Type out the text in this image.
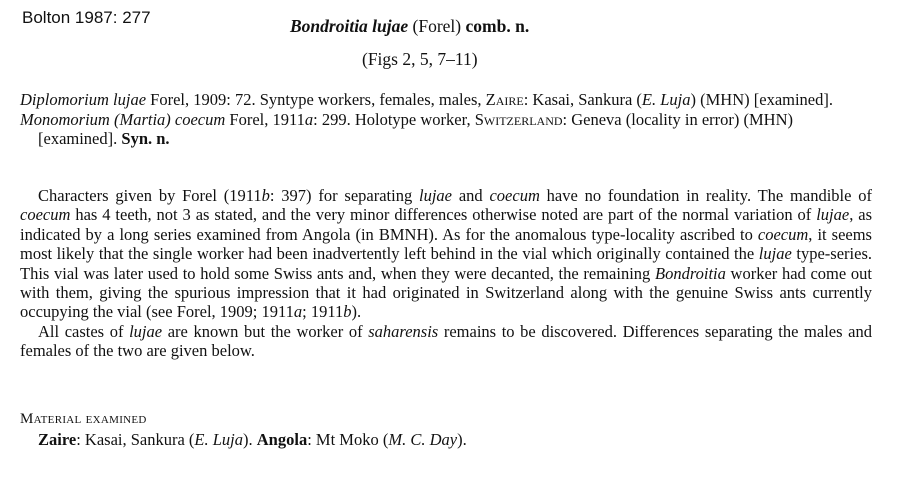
Bolton 1987: 277	Bondroitia lujae (Forel) comb. n.
(Figs 2, 5, 7–11)

Diplomorium lujae Forel, 1909: 72. Syntype workers, females, males, Zaire: Kasai, Sankura (E. Luja) (MHN) [examined].

Monomorium (Martia) coecum Forel, 1911a: 299. Holotype worker, Switzerland: Geneva (locality in error) (MHN) [examined]. Syn. n.

Characters given by Forel (1911b: 397) for separating lujae and coecum have no foundation in reality. The mandible of coecum has 4 teeth, not 3 as stated, and the very minor differences otherwise noted are part of the normal variation of lujae, as indicated by a long series examined from Angola (in BMNH). As for the anomalous type-locality ascribed to coecum, it seems most likely that the single worker had been inadvertently left behind in the vial which originally contained the lujae type-series. This vial was later used to hold some Swiss ants and, when they were decanted, the remaining Bondroitia worker had come out with them, giving the spurious impression that it had originated in Switzerland along with the genuine Swiss ants currently occupying the vial (see Forel, 1909; 1911a; 1911b).

All castes of lujae are known but the worker of saharensis remains to be discovered. Differences separating the males and females of the two are given below.

Material examined
Zaire: Kasai, Sankura (E. Luja). Angola: Mt Moko (M. C. Day).
